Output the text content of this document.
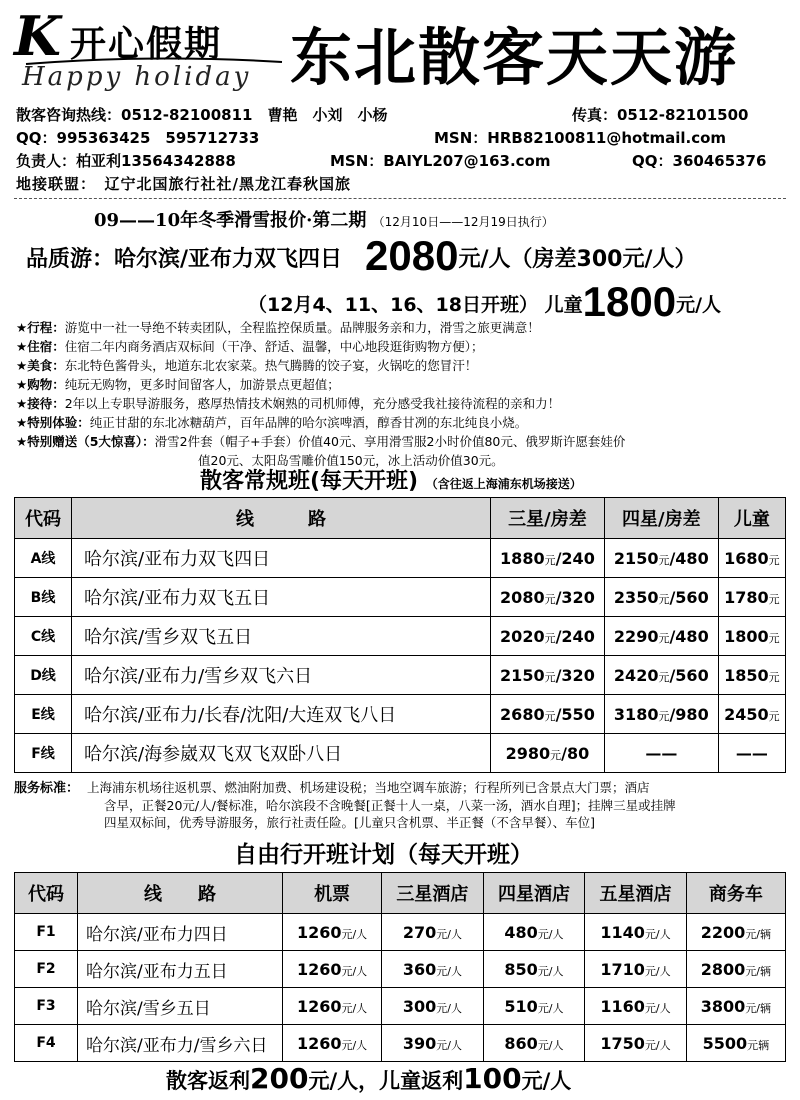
K 开心假期
Happy holiday 东北散客天天游
散客咨询热线：0512-82100811　曹艳　小刘　小杨	传真：0512-82101500
QQ：995363425　595712733	MSN：HRB82100811@hotmail.com
负责人：柏亚利13564342888	MSN：BAIYL207@163.com	QQ：360465376
地接联盟：　辽宁北国旅行社社/黑龙江春秋国旅
09——10年冬季滑雪报价·第二期 （12月10日——12月19日执行）
品质游：哈尔滨/亚布力双飞四日 2080元/人（房差300元/人）
（12月4、11、16、18日开班） 儿童1800元/人
★行程：游览中一社一导绝不转卖团队，全程监控保质量。品牌服务亲和力，滑雪之旅更满意！
★住宿：住宿二年内商务酒店双标间（干净、舒适、温馨，中心地段逛街购物方便）；
★美食：东北特色酱骨头，地道东北农家菜。热气腾腾的饺子宴，火锅吃的您冒汗！
★购物：纯玩无购物，更多时间留客人，加游景点更超值；
★接待：2年以上专职导游服务，憨厚热情技术娴熟的司机师傅，充分感受我社接待流程的亲和力！
★特别体验：纯正甘甜的东北冰糖葫芦，百年品牌的哈尔滨啤酒，醇香甘冽的东北纯良小烧。
★特别赠送（5大惊喜）：滑雪2件套（帽子+手套）价值40元、享用滑雪服2小时价值80元、俄罗斯许愿套娃价
值20元、太阳岛雪雕价值150元，冰上活动价值30元。
散客常规班(每天开班) （含往返上海浦东机场接送）
代码	线　　　路	三星/房差	四星/房差	儿童
A线	哈尔滨/亚布力双飞四日	1880元/240	2150元/480	1680元
B线	哈尔滨/亚布力双飞五日	2080元/320	2350元/560	1780元
C线	哈尔滨/雪乡双飞五日	2020元/240	2290元/480	1800元
D线	哈尔滨/亚布力/雪乡双飞六日	2150元/320	2420元/560	1850元
E线	哈尔滨/亚布力/长春/沈阳/大连双飞八日	2680元/550	3180元/980	2450元
F线	哈尔滨/海参崴双飞双飞双卧八日	2980元/80	——	——
服务标准： 上海浦东机场往返机票、燃油附加费、机场建设税；当地空调车旅游；行程所列已含景点大门票；酒店
含早，正餐20元/人/餐标准，哈尔滨段不含晚餐[正餐十人一桌，八菜一汤，酒水自理]；挂牌三星或挂牌
四星双标间，优秀导游服务，旅行社责任险。[儿童只含机票、半正餐（不含早餐）、车位]
自由行开班计划（每天开班）
代码	线　　路	机票	三星酒店	四星酒店	五星酒店	商务车
F1	哈尔滨/亚布力四日	1260元/人	270元/人	480元/人	1140元/人	2200元/辆
F2	哈尔滨/亚布力五日	1260元/人	360元/人	850元/人	1710元/人	2800元/辆
F3	哈尔滨/雪乡五日	1260元/人	300元/人	510元/人	1160元/人	3800元/辆
F4	哈尔滨/亚布力/雪乡六日	1260元/人	390元/人	860元/人	1750元/人	5500元辆
散客返利200元/人，儿童返利100元/人
